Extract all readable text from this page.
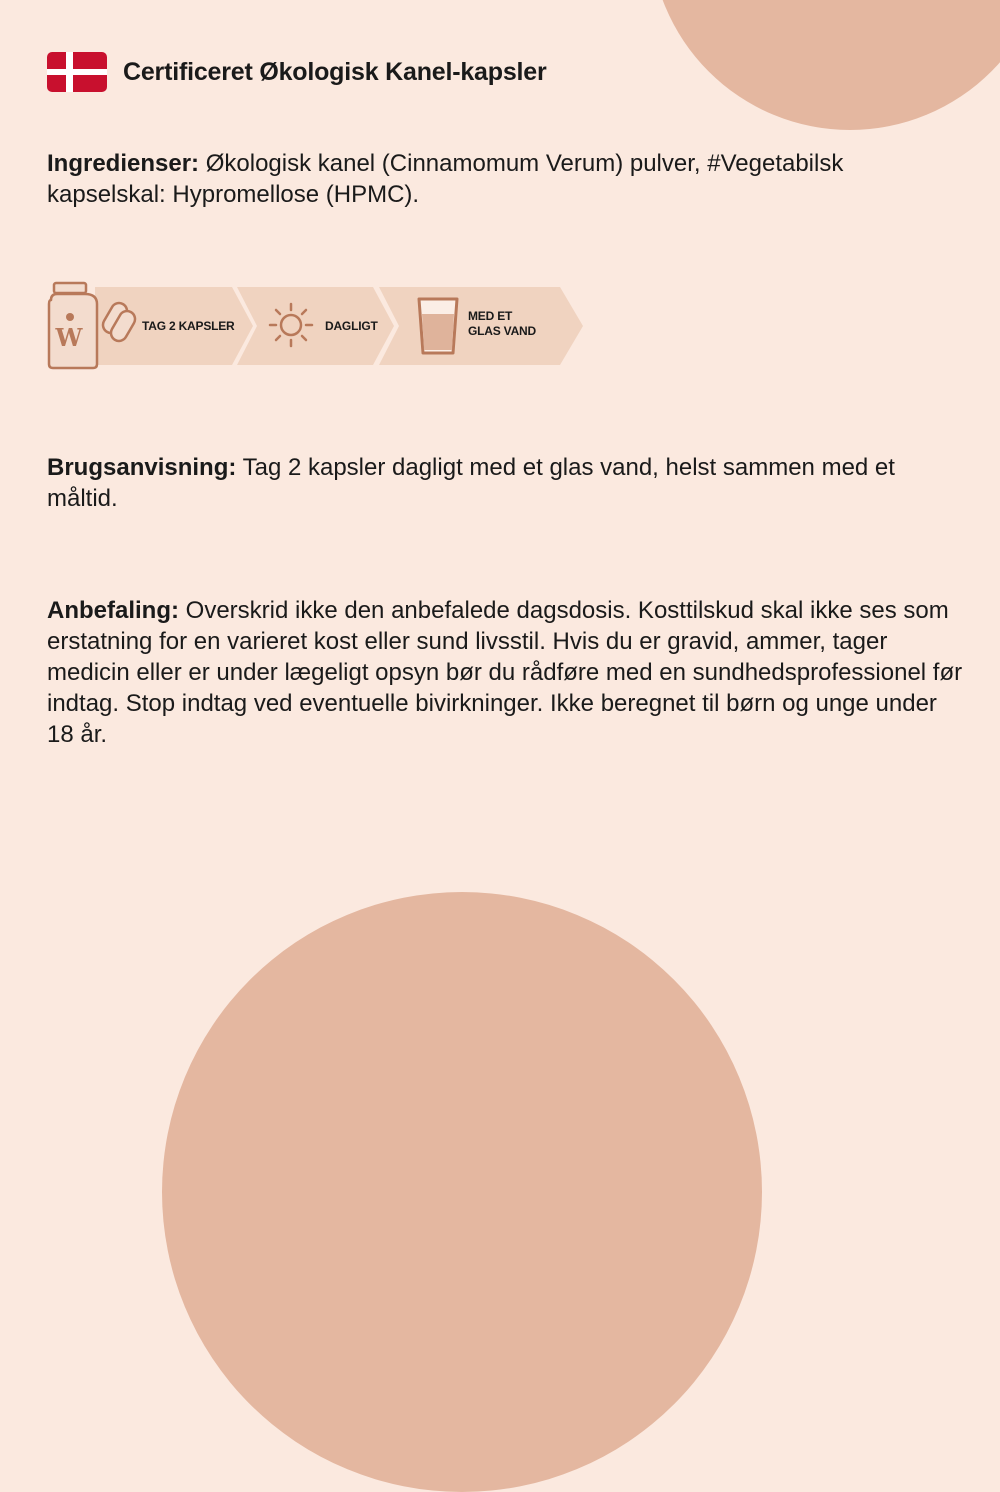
Certificeret Økologisk Kanel-kapsler

Ingredienser: Økologisk kanel (Cinnamomum Verum) pulver, #Vegetabilsk kapselskal: Hypromellose (HPMC).

W	TAG 2 KAPSLER	DAGLIGT
MED ET
GLAS VAND

Brugsanvisning: Tag 2 kapsler dagligt med et glas vand, helst sammen med et måltid.

Anbefaling: Overskrid ikke den anbefalede dagsdosis. Kosttilskud skal ikke ses som erstatning for en varieret kost eller sund livsstil. Hvis du er gravid, ammer, tager medicin eller er under lægeligt opsyn bør du rådføre med en sundhedsprofessionel før indtag. Stop indtag ved eventuelle bivirkninger. Ikke beregnet til børn og unge under 18 år.
